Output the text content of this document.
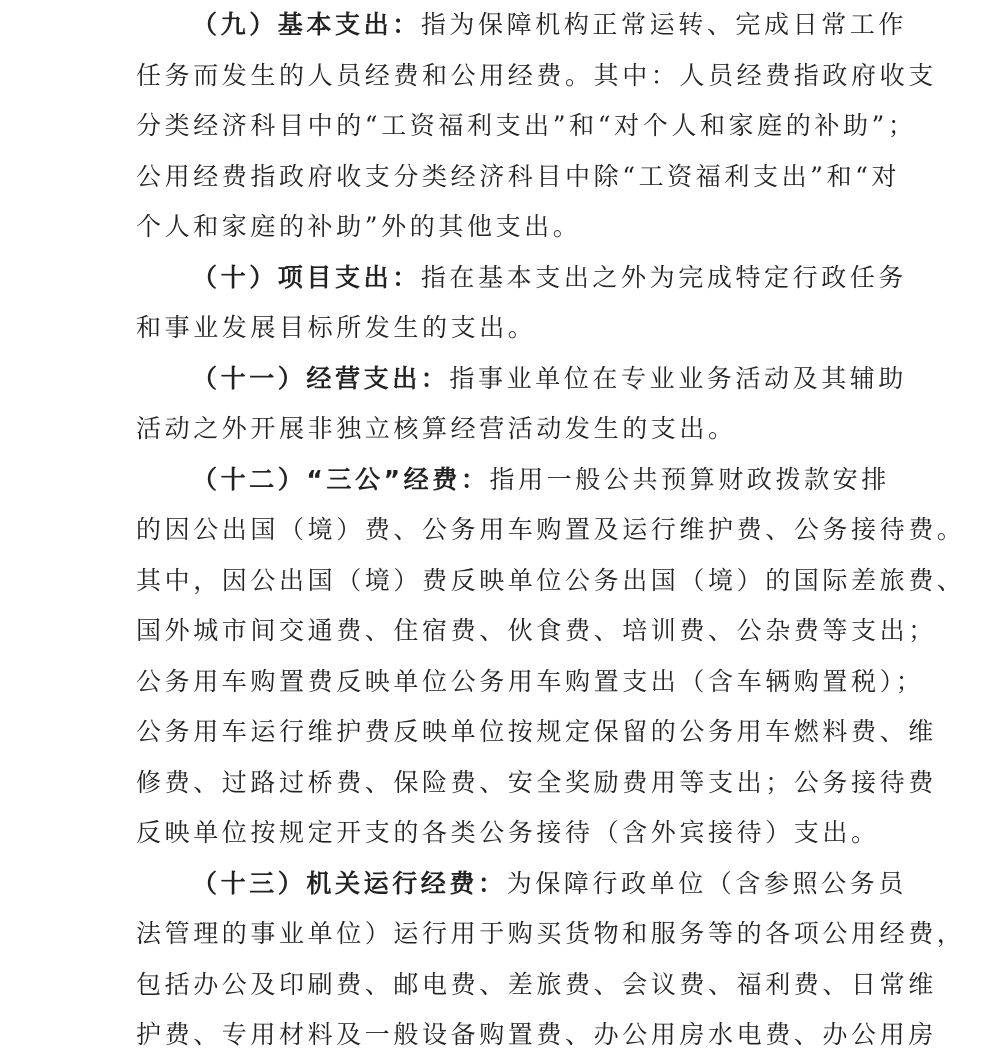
（九）基本支出：指为保障机构正常运转、完成日常工作
任务而发生的人员经费和公用经费。其中：人员经费指政府收支
分类经济科目中的“工资福利支出”和“对个人和家庭的补助”；
公用经费指政府收支分类经济科目中除“工资福利支出”和“对
个人和家庭的补助”外的其他支出。
（十）项目支出：指在基本支出之外为完成特定行政任务
和事业发展目标所发生的支出。
（十一）经营支出：指事业单位在专业业务活动及其辅助
活动之外开展非独立核算经营活动发生的支出。
（十二）“三公”经费：指用一般公共预算财政拨款安排
的因公出国（境）费、公务用车购置及运行维护费、公务接待费。
其中，因公出国（境）费反映单位公务出国（境）的国际差旅费、
国外城市间交通费、住宿费、伙食费、培训费、公杂费等支出；
公务用车购置费反映单位公务用车购置支出（含车辆购置税）；
公务用车运行维护费反映单位按规定保留的公务用车燃料费、维
修费、过路过桥费、保险费、安全奖励费用等支出；公务接待费
反映单位按规定开支的各类公务接待（含外宾接待）支出。
（十三）机关运行经费：为保障行政单位（含参照公务员
法管理的事业单位）运行用于购买货物和服务等的各项公用经费，
包括办公及印刷费、邮电费、差旅费、会议费、福利费、日常维
护费、专用材料及一般设备购置费、办公用房水电费、办公用房
